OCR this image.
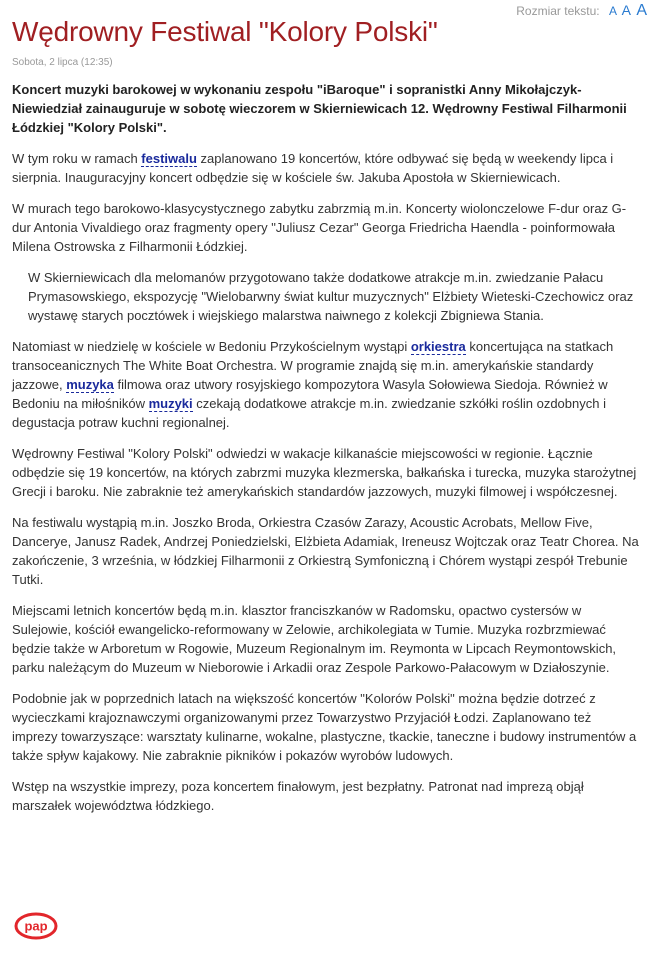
Rozmiar tekstu: A A A
Wędrowny Festiwal "Kolory Polski"
Sobota, 2 lipca (12:35)

Koncert muzyki barokowej w wykonaniu zespołu "iBaroque" i sopranistki Anny Mikołajczyk-Niewiedział zainauguruje w sobotę wieczorem w Skierniewicach 12. Wędrowny Festiwal Filharmonii Łódzkiej "Kolory Polski".

W tym roku w ramach festiwalu zaplanowano 19 koncertów, które odbywać się będą w weekendy lipca i sierpnia. Inauguracyjny koncert odbędzie się w kościele św. Jakuba Apostoła w Skierniewicach.

W murach tego barokowo-klasycystycznego zabytku zabrzmią m.in. Koncerty wiolonczelowe F-dur oraz G-dur Antonia Vivaldiego oraz fragmenty opery "Juliusz Cezar" Georga Friedricha Haendla - poinformowała Milena Ostrowska z Filharmonii Łódzkiej.

W Skierniewicach dla melomanów przygotowano także dodatkowe atrakcje m.in. zwiedzanie Pałacu Prymasowskiego, ekspozycję "Wielobarwny świat kultur muzycznych" Elżbiety Wieteski-Czechowicz oraz wystawę starych pocztówek i wiejskiego malarstwa naiwnego z kolekcji Zbigniewa Stania.

Natomiast w niedzielę w kościele w Bedoniu Przykościelnym wystąpi orkiestra koncertująca na statkach transoceanicznych The White Boat Orchestra. W programie znajdą się m.in. amerykańskie standardy jazzowe, muzyka filmowa oraz utwory rosyjskiego kompozytora Wasyla Sołowiewa Siedoja. Również w Bedoniu na miłośników muzyki czekają dodatkowe atrakcje m.in. zwiedzanie szkółki roślin ozdobnych i degustacja potraw kuchni regionalnej.

Wędrowny Festiwal "Kolory Polski" odwiedzi w wakacje kilkanaście miejscowości w regionie. Łącznie odbędzie się 19 koncertów, na których zabrzmi muzyka klezmerska, bałkańska i turecka, muzyka starożytnej Grecji i baroku. Nie zabraknie też amerykańskich standardów jazzowych, muzyki filmowej i współczesnej.

Na festiwalu wystąpią m.in. Joszko Broda, Orkiestra Czasów Zarazy, Acoustic Acrobats, Mellow Five, Danceryе, Janusz Radek, Andrzej Poniedzielski, Elżbieta Adamiak, Ireneusz Wojtczak oraz Teatr Chorea. Na zakończenie, 3 września, w łódzkiej Filharmonii z Orkiestrą Symfoniczną i Chórem wystąpi zespół Trebunie Tutki.

Miejscami letnich koncertów będą m.in. klasztor franciszkanów w Radomsku, opactwo cystersów w Sulejowie, kościół ewangelicko-reformowany w Zelowie, archikolegiata w Tumie. Muzyka rozbrzmiewać będzie także w Arboretum w Rogowie, Muzeum Regionalnym im. Reymonta w Lipcach Reymontowskich, parku należącym do Muzeum w Nieborowie i Arkadii oraz Zespole Parkowo-Pałacowym w Działoszynie.

Podobnie jak w poprzednich latach na większość koncertów "Kolorów Polski" można będzie dotrzeć z wycieczkami krajoznawczymi organizowanymi przez Towarzystwo Przyjaciół Łodzi. Zaplanowano też imprezy towarzyszące: warsztaty kulinarne, wokalne, plastyczne, tkackie, taneczne i budowy instrumentów a także spływ kajakowy. Nie zabraknie pikników i pokazów wyrobów ludowych.

Wstęp na wszystkie imprezy, poza koncertem finałowym, jest bezpłatny. Patronat nad imprezą objął marszałek województwa łódzkiego.

pap
